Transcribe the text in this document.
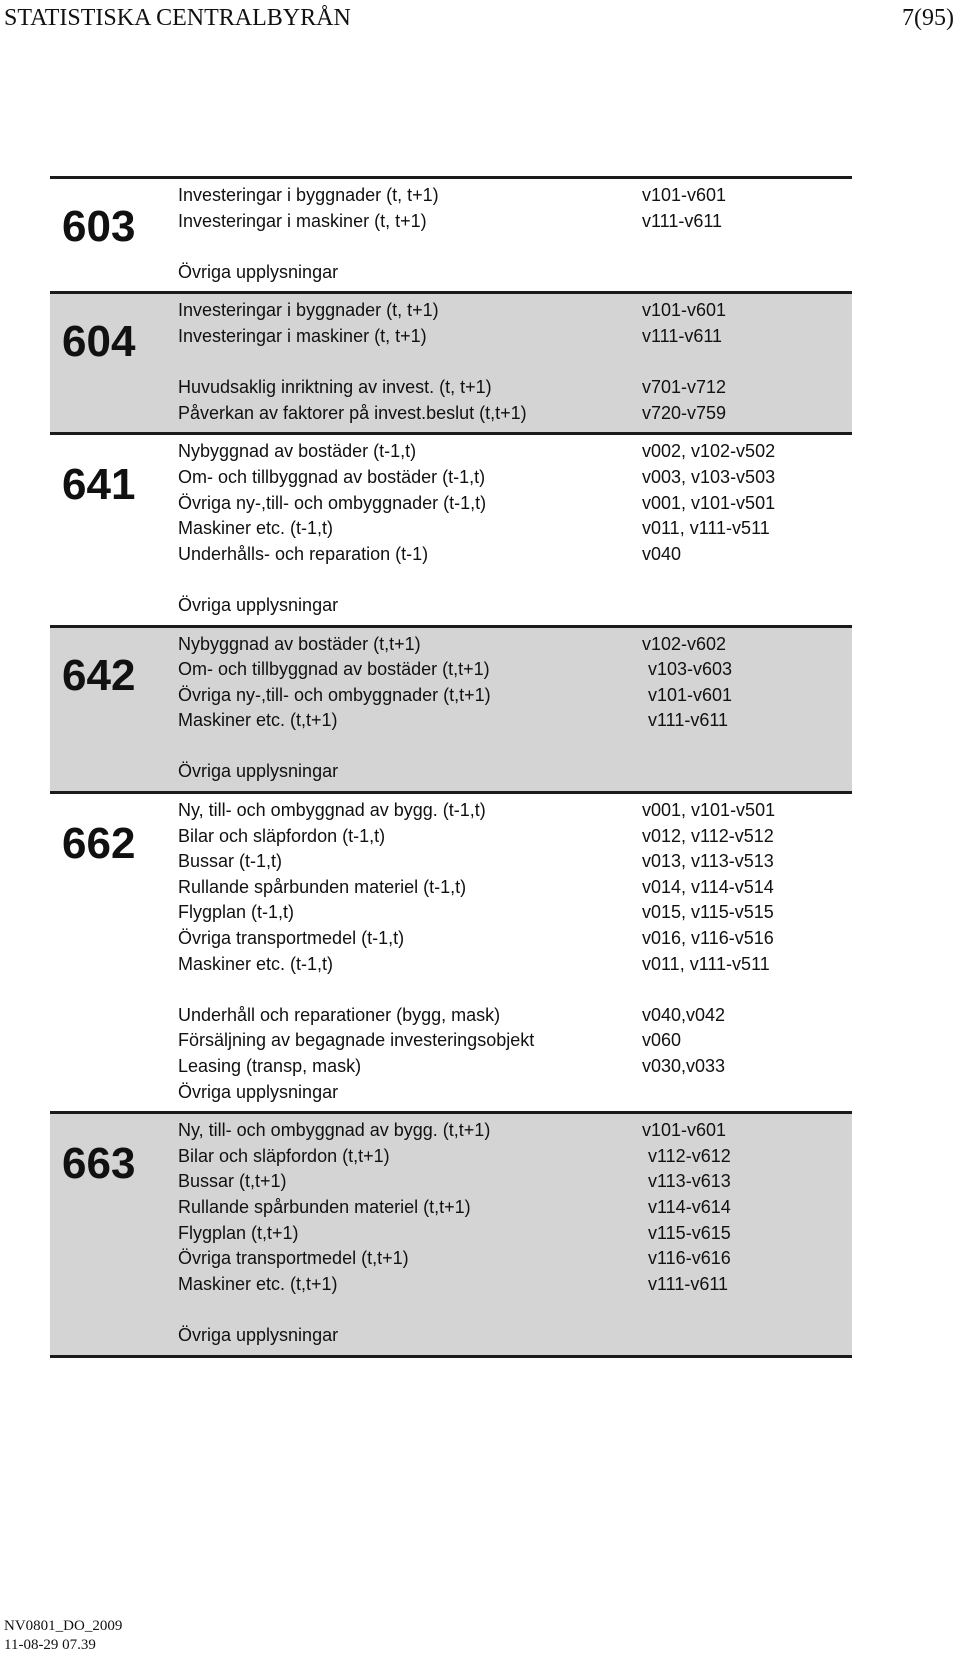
STATISTISKA CENTRALBYRÅN	7(95)
603
Investeringar i byggnader (t, t+1)	v101-v601
Investeringar i maskiner (t, t+1)	v111-v611
Övriga upplysningar
604
Investeringar i byggnader (t, t+1)	v101-v601
Investeringar i maskiner (t, t+1)	v111-v611
Huvudsaklig inriktning av invest. (t, t+1)	v701-v712
Påverkan av faktorer på invest.beslut (t,t+1)	v720-v759
641
Nybyggnad av bostäder (t-1,t)	v002, v102-v502
Om- och tillbyggnad av bostäder (t-1,t)	v003, v103-v503
Övriga ny-,till- och ombyggnader (t-1,t)	v001, v101-v501
Maskiner etc. (t-1,t)	v011, v111-v511
Underhålls- och reparation (t-1)	v040
Övriga upplysningar
642
Nybyggnad av bostäder (t,t+1)	v102-v602
Om- och tillbyggnad av bostäder (t,t+1)	v103-v603
Övriga ny-,till- och ombyggnader (t,t+1)	v101-v601
Maskiner etc. (t,t+1)	v111-v611
Övriga upplysningar
662
Ny, till- och ombyggnad av bygg. (t-1,t)	v001, v101-v501
Bilar och släpfordon (t-1,t)	v012, v112-v512
Bussar (t-1,t)	v013, v113-v513
Rullande spårbunden materiel (t-1,t)	v014, v114-v514
Flygplan (t-1,t)	v015, v115-v515
Övriga transportmedel (t-1,t)	v016, v116-v516
Maskiner etc. (t-1,t)	v011, v111-v511
Underhåll och reparationer (bygg, mask)	v040,v042
Försäljning av begagnade investeringsobjekt	v060
Leasing (transp, mask)	v030,v033
Övriga upplysningar
663
Ny, till- och ombyggnad av bygg. (t,t+1)	v101-v601
Bilar och släpfordon (t,t+1)	v112-v612
Bussar (t,t+1)	v113-v613
Rullande spårbunden materiel (t,t+1)	v114-v614
Flygplan (t,t+1)	v115-v615
Övriga transportmedel (t,t+1)	v116-v616
Maskiner etc. (t,t+1)	v111-v611
Övriga upplysningar
NV0801_DO_2009
11-08-29 07.39
